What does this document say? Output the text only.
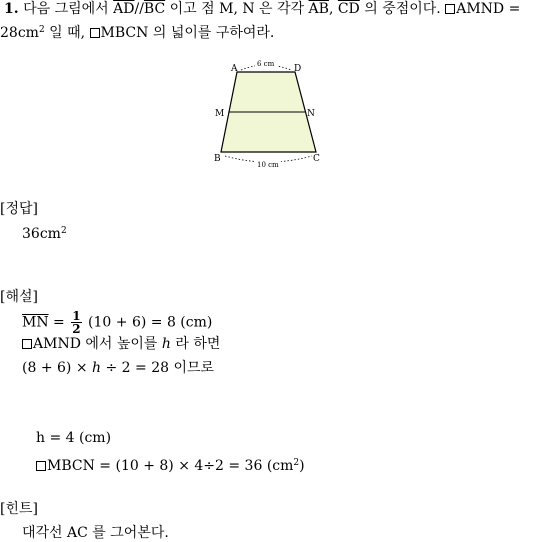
1. 다음 그림에서 $\overline{AD}//\overline{BC}$ 이고 점 M, N 은 각각 $\overline{AB}$, $\overline{CD}$ 의 중점이다. AMND =
$28cm^2$ 일 때, MBCN 의 넓이를 구하여라.
A	D
M	N
B	C
6 cm
10 cm
[정답]
$36cm^2$
[해설]
$\overline{MN} = \frac{1}{2} (10 + 6) = 8$ (cm)
AMND 에서 높이를 h 라 하면
(8 + 6) × h ÷ 2 = 28 이므로
h = 4 (cm)
MBCN = (10 + 8) × 4÷2 = 36 $(cm^2)$
[힌트]
대각선 AC 를 그어본다.
